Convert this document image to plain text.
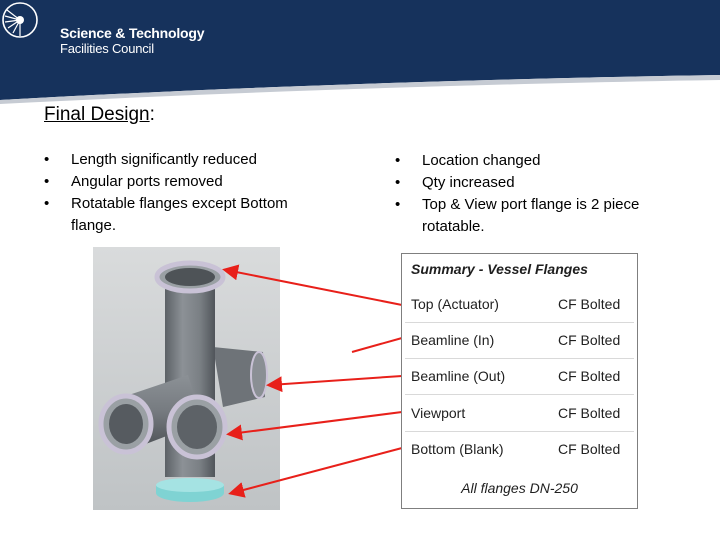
Science & Technology
Facilities Council
Final Design:
• Length significantly reduced
• Angular ports removed
• Rotatable flanges except Bottom flange.
• Location changed
• Qty increased
• Top & View port flange is 2 piece rotatable.
Summary - Vessel Flanges
Top (Actuator)	CF Bolted
Beamline (In)	CF Bolted
Beamline (Out)	CF Bolted
Viewport	CF Bolted
Bottom (Blank)	CF Bolted
All flanges DN-250
